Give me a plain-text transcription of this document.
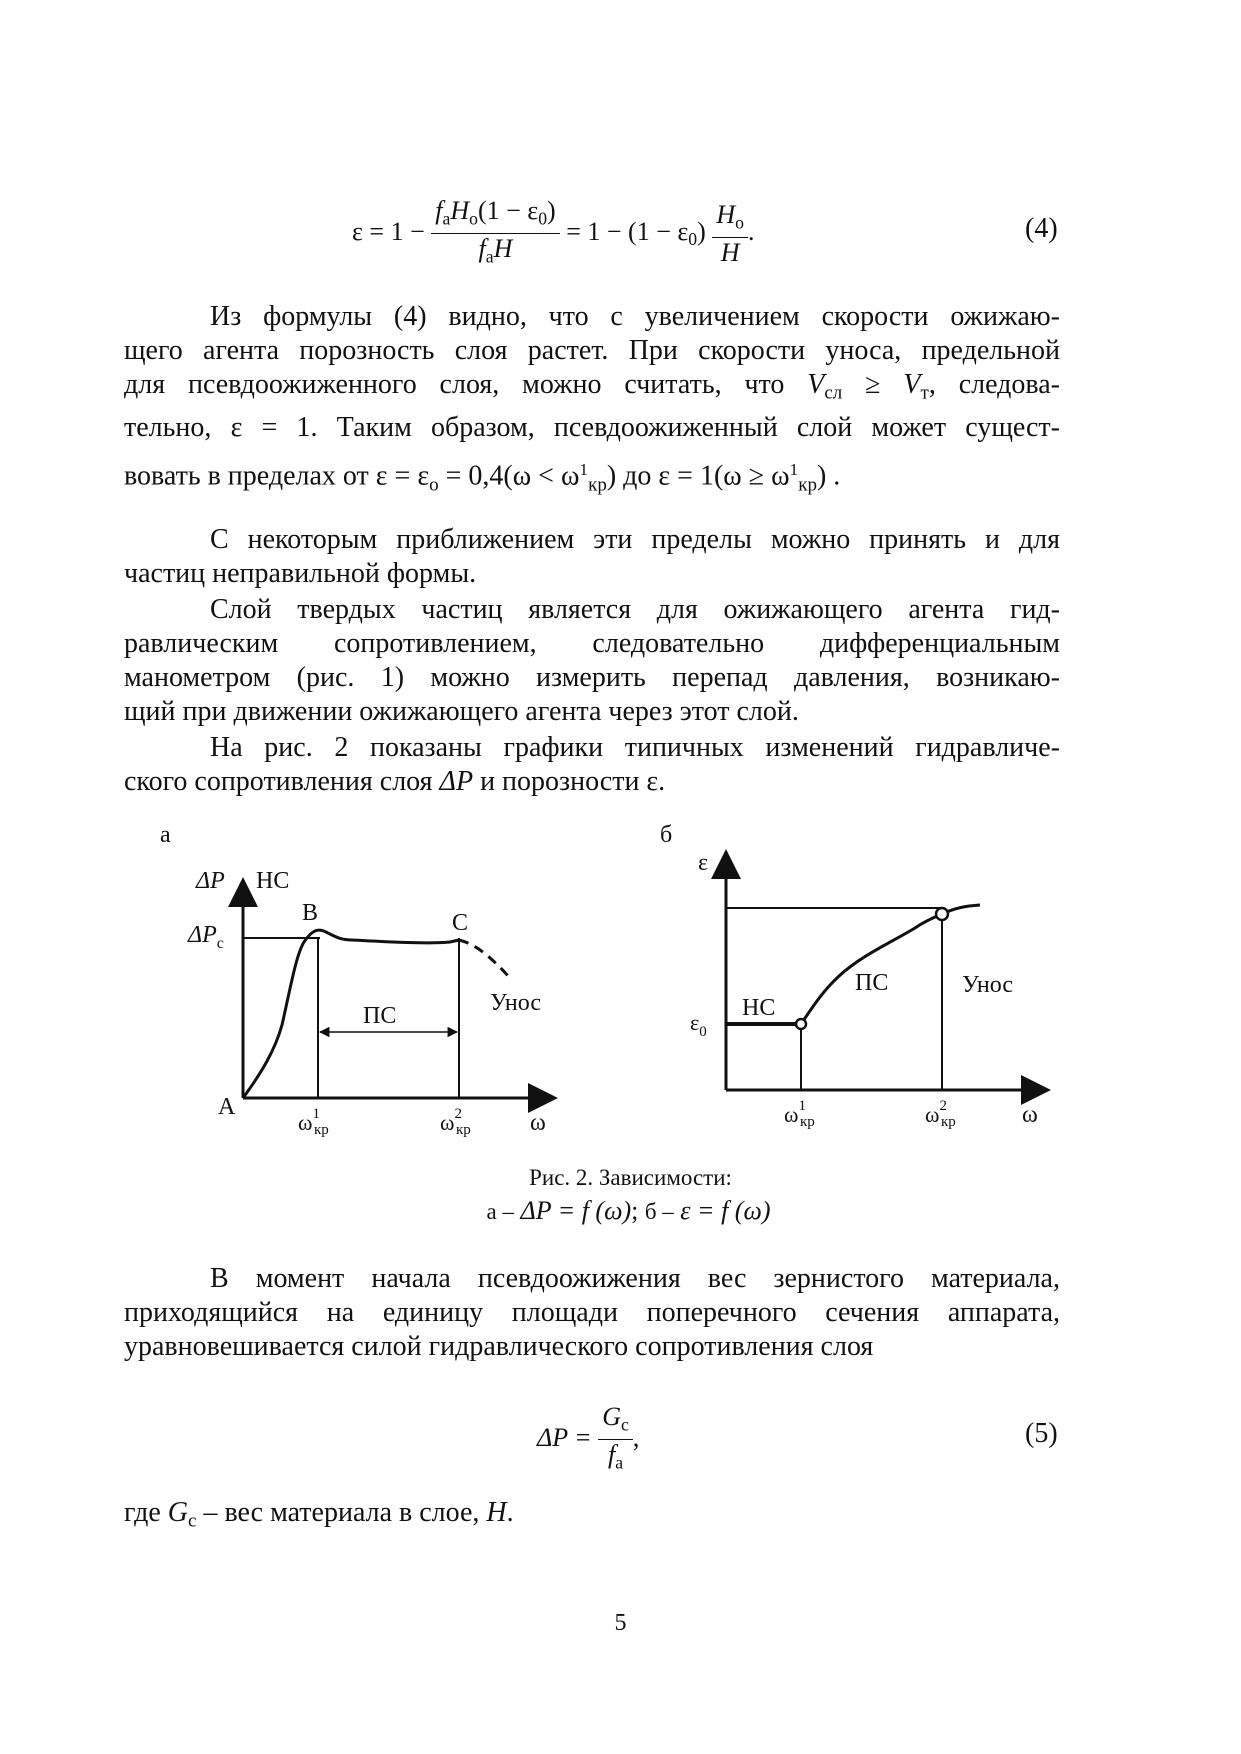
$\varepsilon = 1 - \frac{f_aH_о(1 - \varepsilon_0)}{f_aH} = 1 - (1 - \varepsilon_0) \frac{H_о}{H}$ .	(4)
Из формулы (4) видно, что с увеличением скорости ожижаю-
щего агента порозность слоя растет. При скорости уноса, предельной
для псевдоожиженного слоя, можно считать, что $V_{сл} \ge V_т$, следова-
тельно, ε = 1. Таким образом, псевдоожиженный слой может сущест-
вовать в пределах от $\varepsilon = \varepsilon_о = 0,4(\omega < \omega^1_{кр})$ до $\varepsilon = 1(\omega \ge \omega^1_{кр})$ .
С некоторым приближением эти пределы можно принять и для
частиц неправильной формы.
Слой твердых частиц является для ожижающего агента гид-
равлическим сопротивлением, следовательно дифференциальным
манометром (рис. 1) можно измерить перепад давления, возникаю-
щий при движении ожижающего агента через этот слой.
На рис. 2 показаны графики типичных изменений гидравличе-
ского сопротивления слоя ΔP и порозности ε.
а
ΔP НС
$\Delta P_с$
ПС	Унос
A
B	C
$\omega^1$ кр	$\omega^2$ кр ω
б
ε
$\varepsilon_0$
НС
ПС	Унос
$\omega^1$ кр	$\omega^2$ кр	ω
Рис. 2. Зависимости:
а – ΔP = f (ω); б – ε = f (ω)
В момент начала псевдоожижения вес зернистого материала,
приходящийся на единицу площади поперечного сечения аппарата,
уравновешивается силой гидравлического сопротивления слоя
$\Delta P = \frac{G_с}{f_a}$ ,	(5)
где $G_с$ – вес материала в слое, H.
5
